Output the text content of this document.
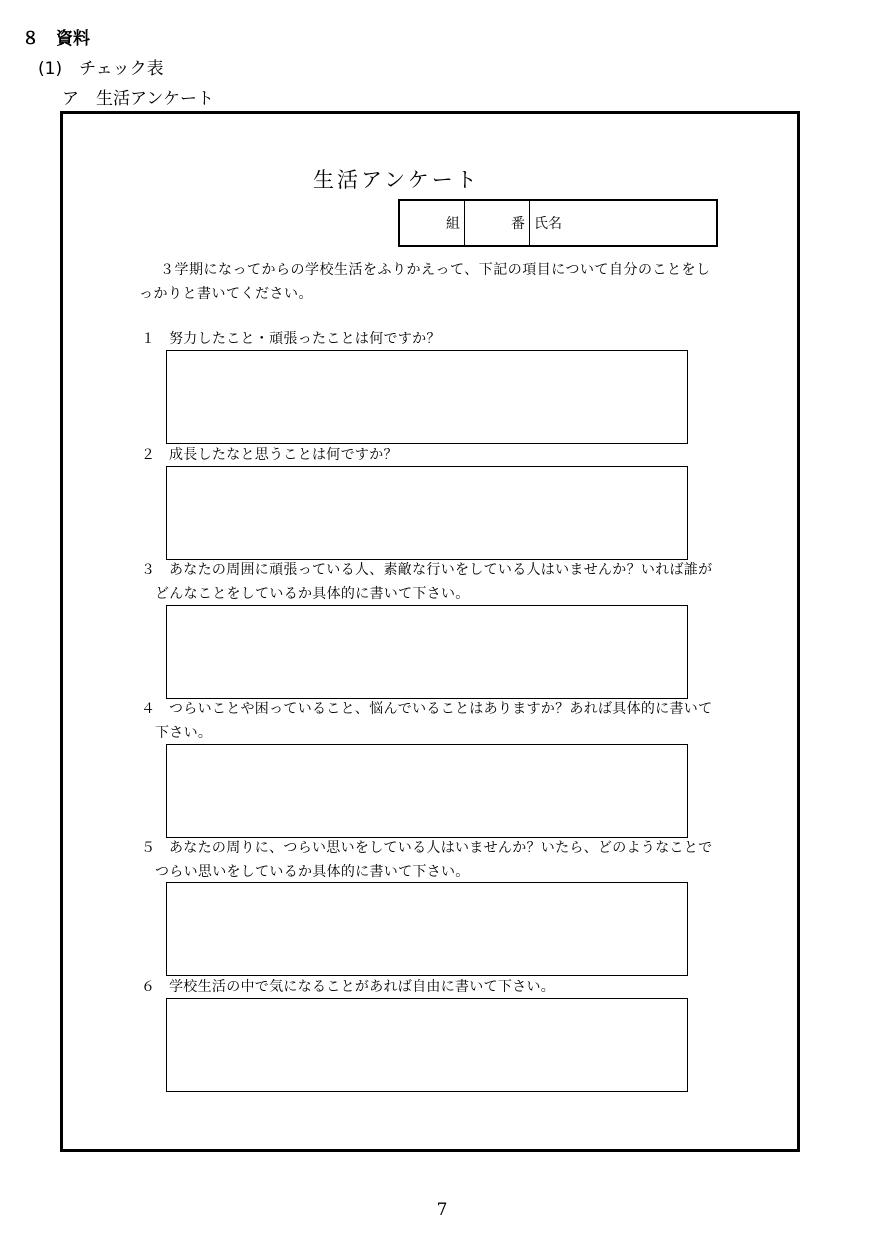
８　資料
(1)　チェック表
ア　生活アンケート
生活アンケート
組	番 氏名
３学期になってからの学校生活をふりかえって、下記の項目について自分のことをしっかりと書いてください。
１ 努力したこと・頑張ったことは何ですか？
２ 成長したなと思うことは何ですか？
３ あなたの周囲に頑張っている人、素敵な行いをしている人はいませんか？いれば誰が
どんなことをしているか具体的に書いて下さい。
４ つらいことや困っていること、悩んでいることはありますか？あれば具体的に書いて
下さい。
５ あなたの周りに、つらい思いをしている人はいませんか？いたら、どのようなことで
つらい思いをしているか具体的に書いて下さい。
６ 学校生活の中で気になることがあれば自由に書いて下さい。
7
